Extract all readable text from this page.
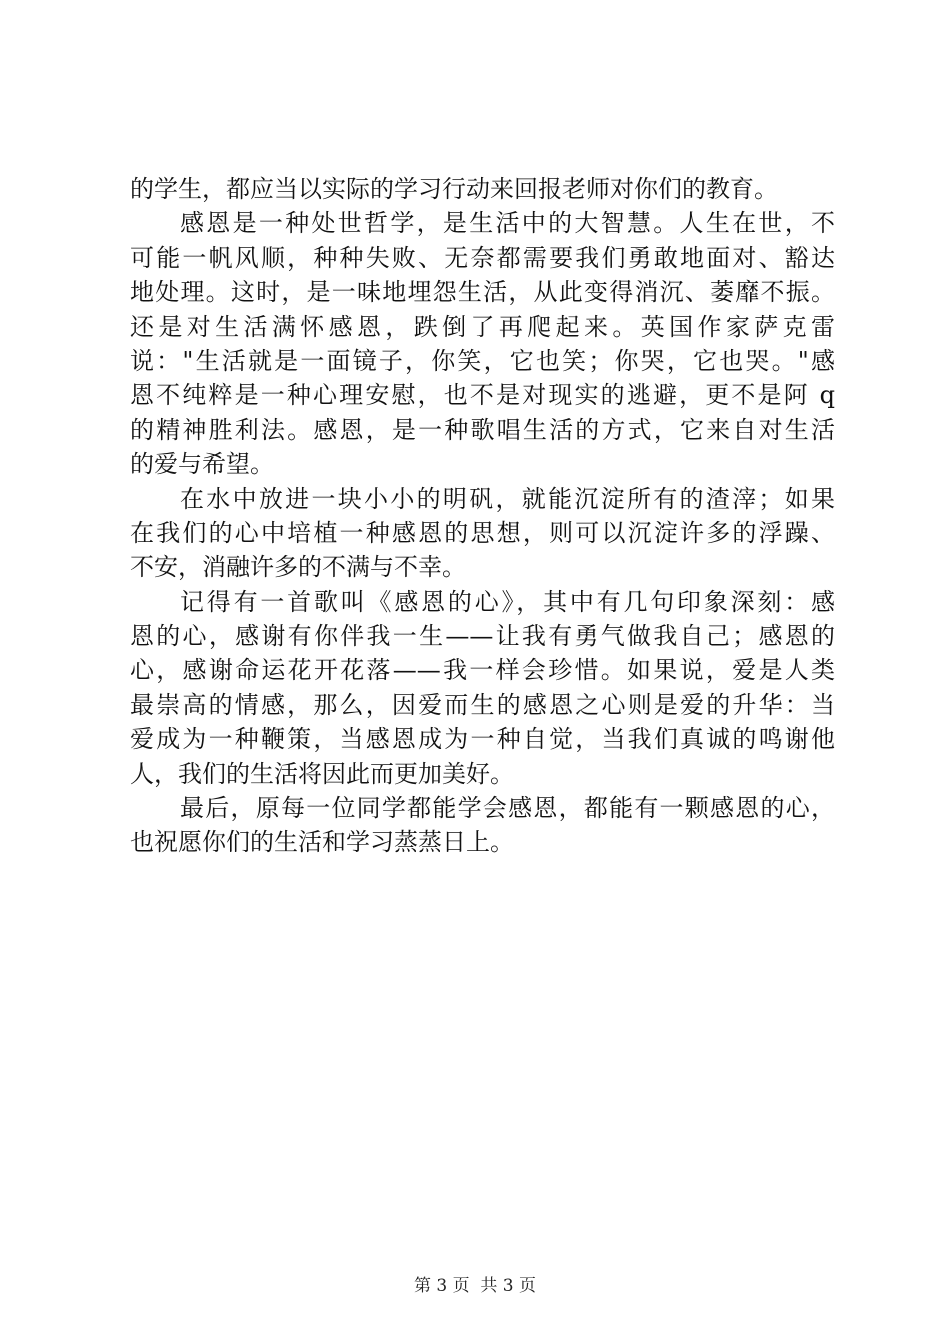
的学生，都应当以实际的学习行动来回报老师对你们的教育。
感恩是一种处世哲学，是生活中的大智慧。人生在世，不
可能一帆风顺，种种失败、无奈都需要我们勇敢地面对、豁达
地处理。这时，是一味地埋怨生活，从此变得消沉、萎靡不振。
还是对生活满怀感恩，跌倒了再爬起来。英国作家萨克雷
说："生活就是一面镜子，你笑，它也笑；你哭，它也哭。"感
恩不纯粹是一种心理安慰，也不是对现实的逃避，更不是阿 q
的精神胜利法。感恩，是一种歌唱生活的方式，它来自对生活
的爱与希望。
在水中放进一块小小的明矾，就能沉淀所有的渣滓；如果
在我们的心中培植一种感恩的思想，则可以沉淀许多的浮躁、
不安，消融许多的不满与不幸。
记得有一首歌叫《感恩的心》，其中有几句印象深刻：感
恩的心，感谢有你伴我一生——让我有勇气做我自己；感恩的
心，感谢命运花开花落——我一样会珍惜。如果说，爱是人类
最崇高的情感，那么，因爱而生的感恩之心则是爱的升华：当
爱成为一种鞭策，当感恩成为一种自觉，当我们真诚的鸣谢他
人，我们的生活将因此而更加美好。
最后，原每一位同学都能学会感恩，都能有一颗感恩的心，
也祝愿你们的生活和学习蒸蒸日上。
第 3 页  共 3 页
